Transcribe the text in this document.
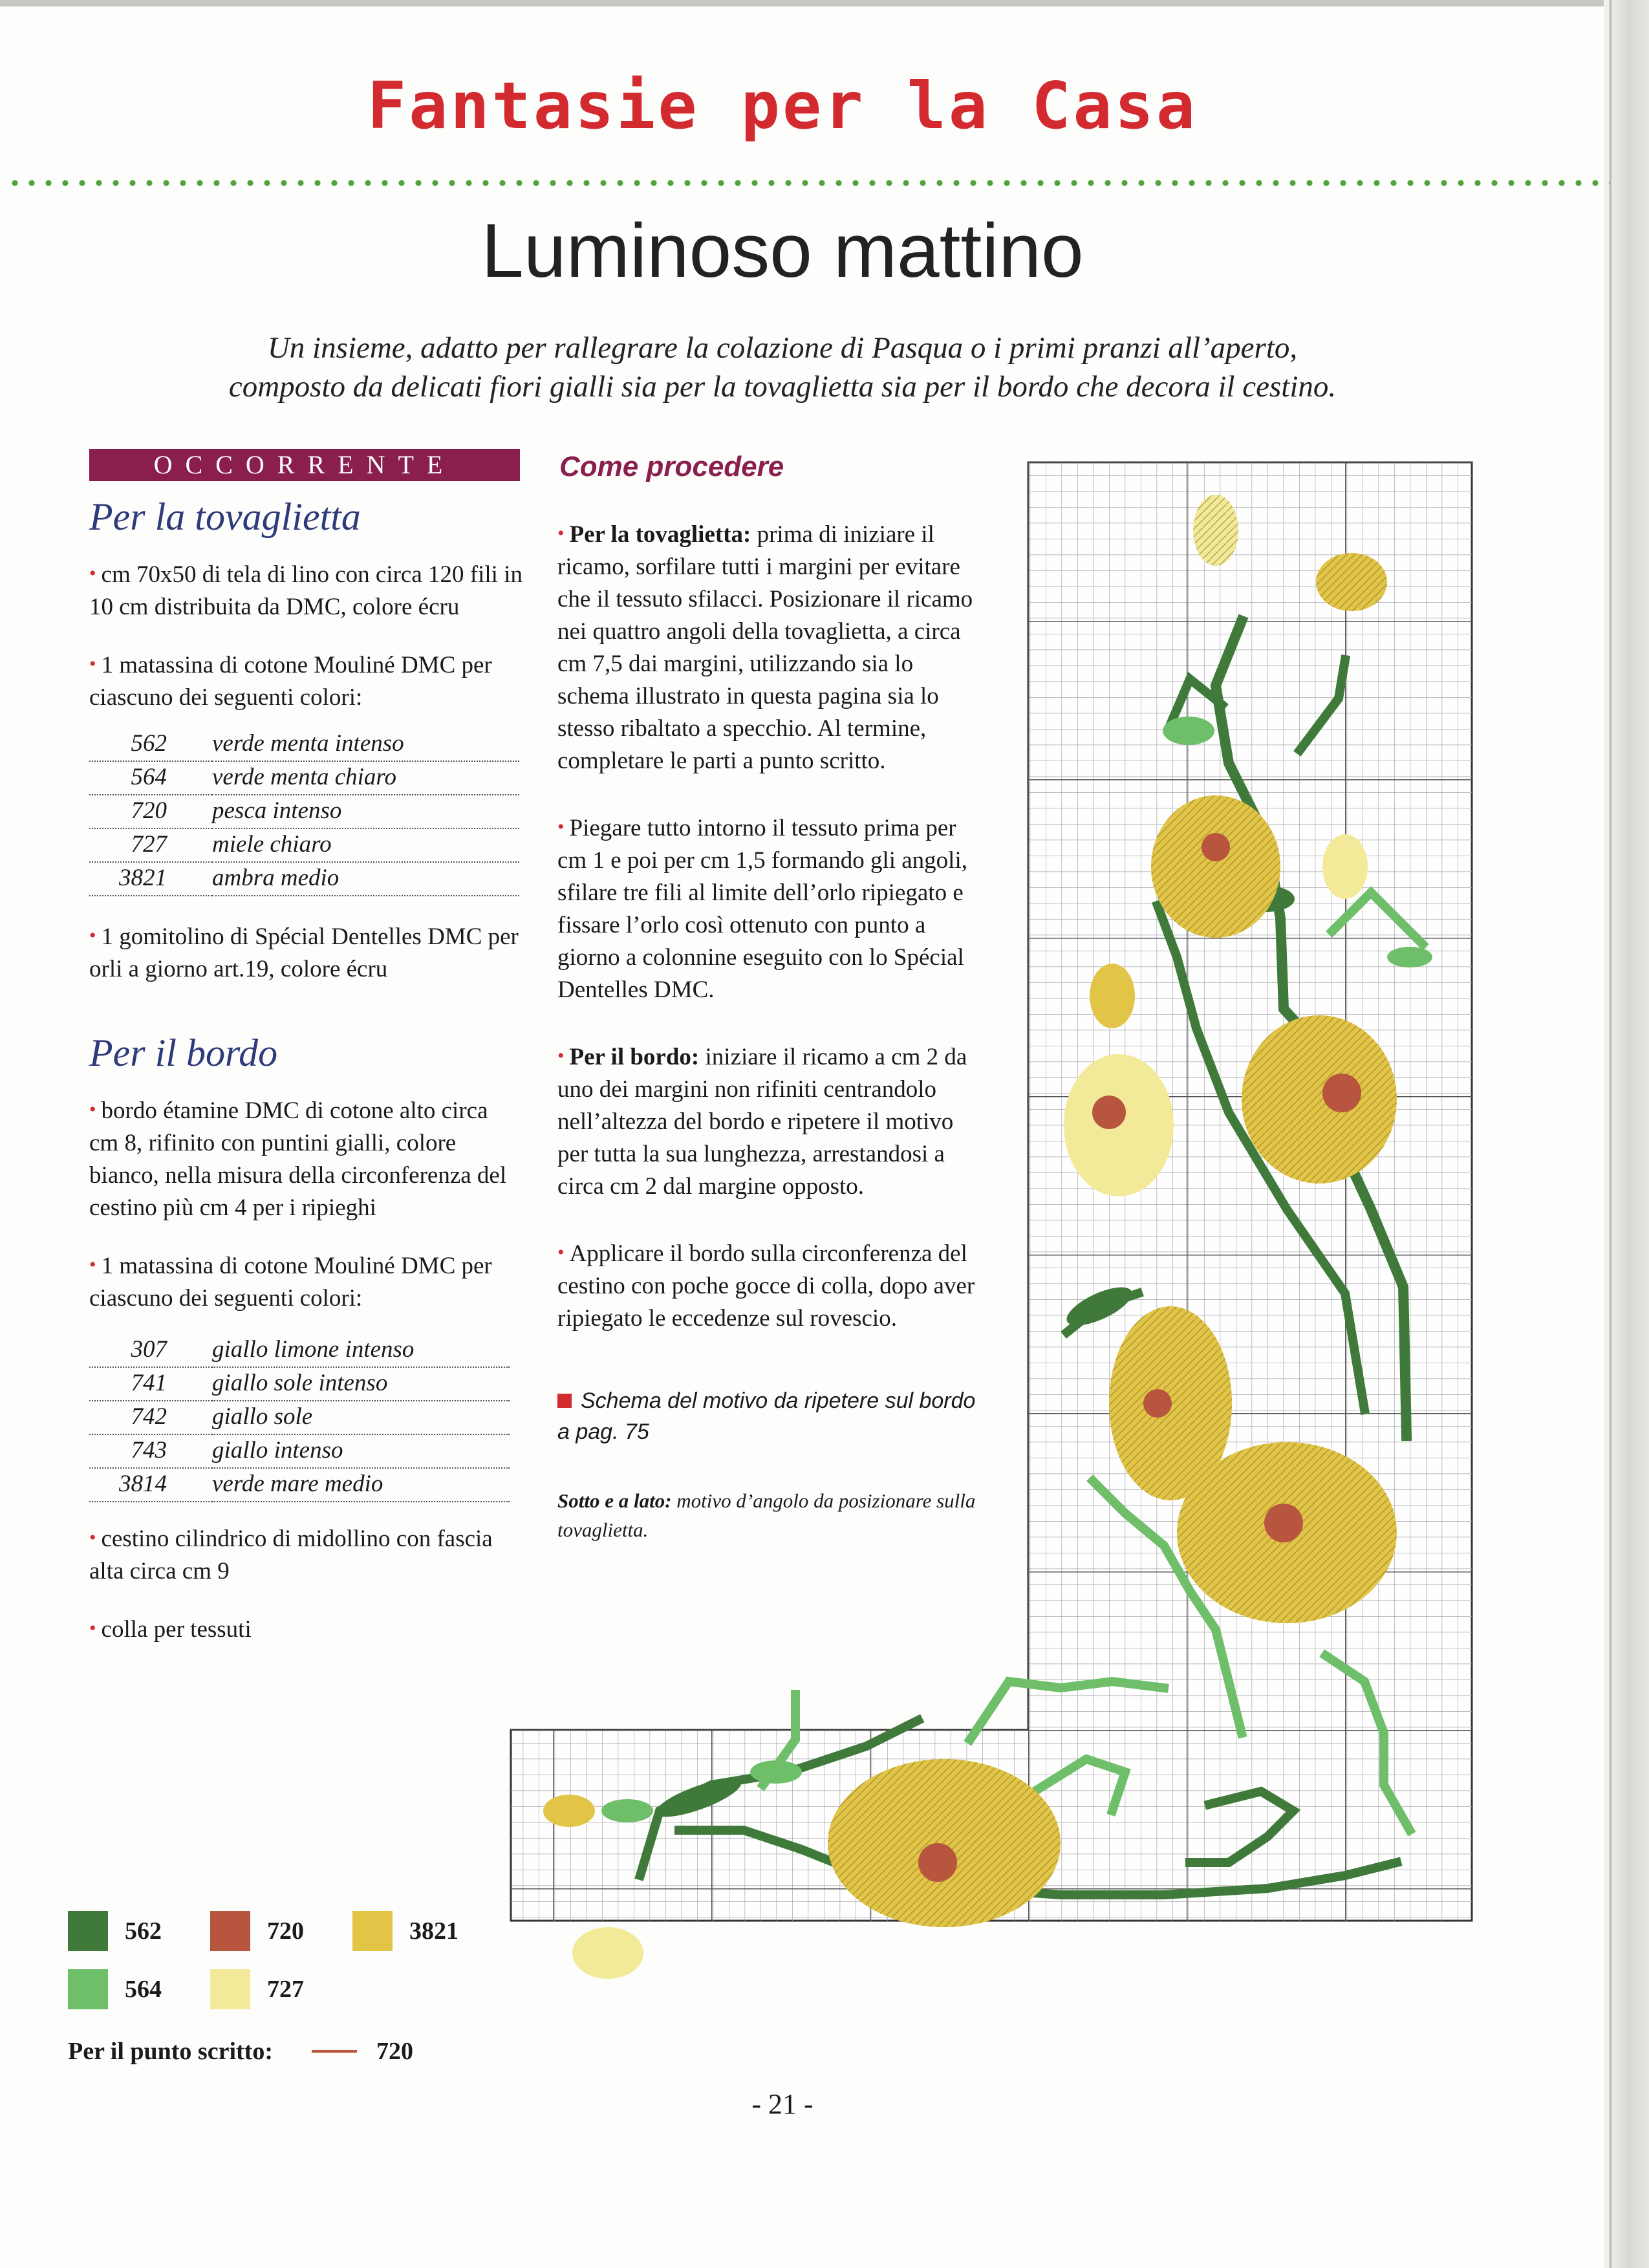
Fantasie per la Casa
Luminoso mattino
Un insieme, adatto per rallegrare la colazione di Pasqua o i primi pranzi all’aperto,
composto da delicati fiori gialli sia per la tovaglietta sia per il bordo che decora il cestino.
OCCORRENTE
Per la tovaglietta
• cm 70x50 di tela di lino con circa 120 fili in 10 cm distribuita da DMC, colore écru
• 1 matassina di cotone Mouliné DMC per ciascuno dei seguenti colori:
562	verde menta intenso
564	verde menta chiaro
720	pesca intenso
727	miele chiaro
3821	ambra medio
• 1 gomitolino di Spécial Dentelles DMC per orli a giorno art.19, colore écru
Per il bordo
• bordo étamine DMC di cotone alto circa cm 8, rifinito con puntini gialli, colore bianco, nella misura della circonferenza del cestino più cm 4 per i ripieghi
• 1 matassina di cotone Mouliné DMC per ciascuno dei seguenti colori:
307	giallo limone intenso
741	giallo sole intenso
742	giallo sole
743	giallo intenso
3814	verde mare medio
• cestino cilindrico di midollino con fascia alta circa cm 9
• colla per tessuti
Come procedere
• Per la tovaglietta: prima di iniziare il ricamo, sorfilare tutti i margini per evitare che il tessuto sfilacci. Posizionare il ricamo nei quattro angoli della tovaglietta, a circa cm 7,5 dai margini, utilizzando sia lo schema illustrato in questa pagina sia lo stesso ribaltato a specchio. Al termine, completare le parti a punto scritto.
• Piegare tutto intorno il tessuto prima per cm 1 e poi per cm 1,5 formando gli angoli, sfilare tre fili al limite dell’orlo ripiegato e fissare l’orlo così ottenuto con punto a giorno a colonnine eseguito con lo Spécial Dentelles DMC.
• Per il bordo: iniziare il ricamo a cm 2 da uno dei margini non rifiniti centrandolo nell’altezza del bordo e ripetere il motivo per tutta la sua lunghezza, arrestandosi a circa cm 2 dal margine opposto.
• Applicare il bordo sulla circonferenza del cestino con poche gocce di colla, dopo aver ripiegato le eccedenze sul rovescio.
Schema del motivo da ripetere sul bordo a pag. 75
Sotto e a lato: motivo d’angolo da posizionare sulla tovaglietta.
562	720	3821
564	727
Per il punto scritto:	720
- 21 -
